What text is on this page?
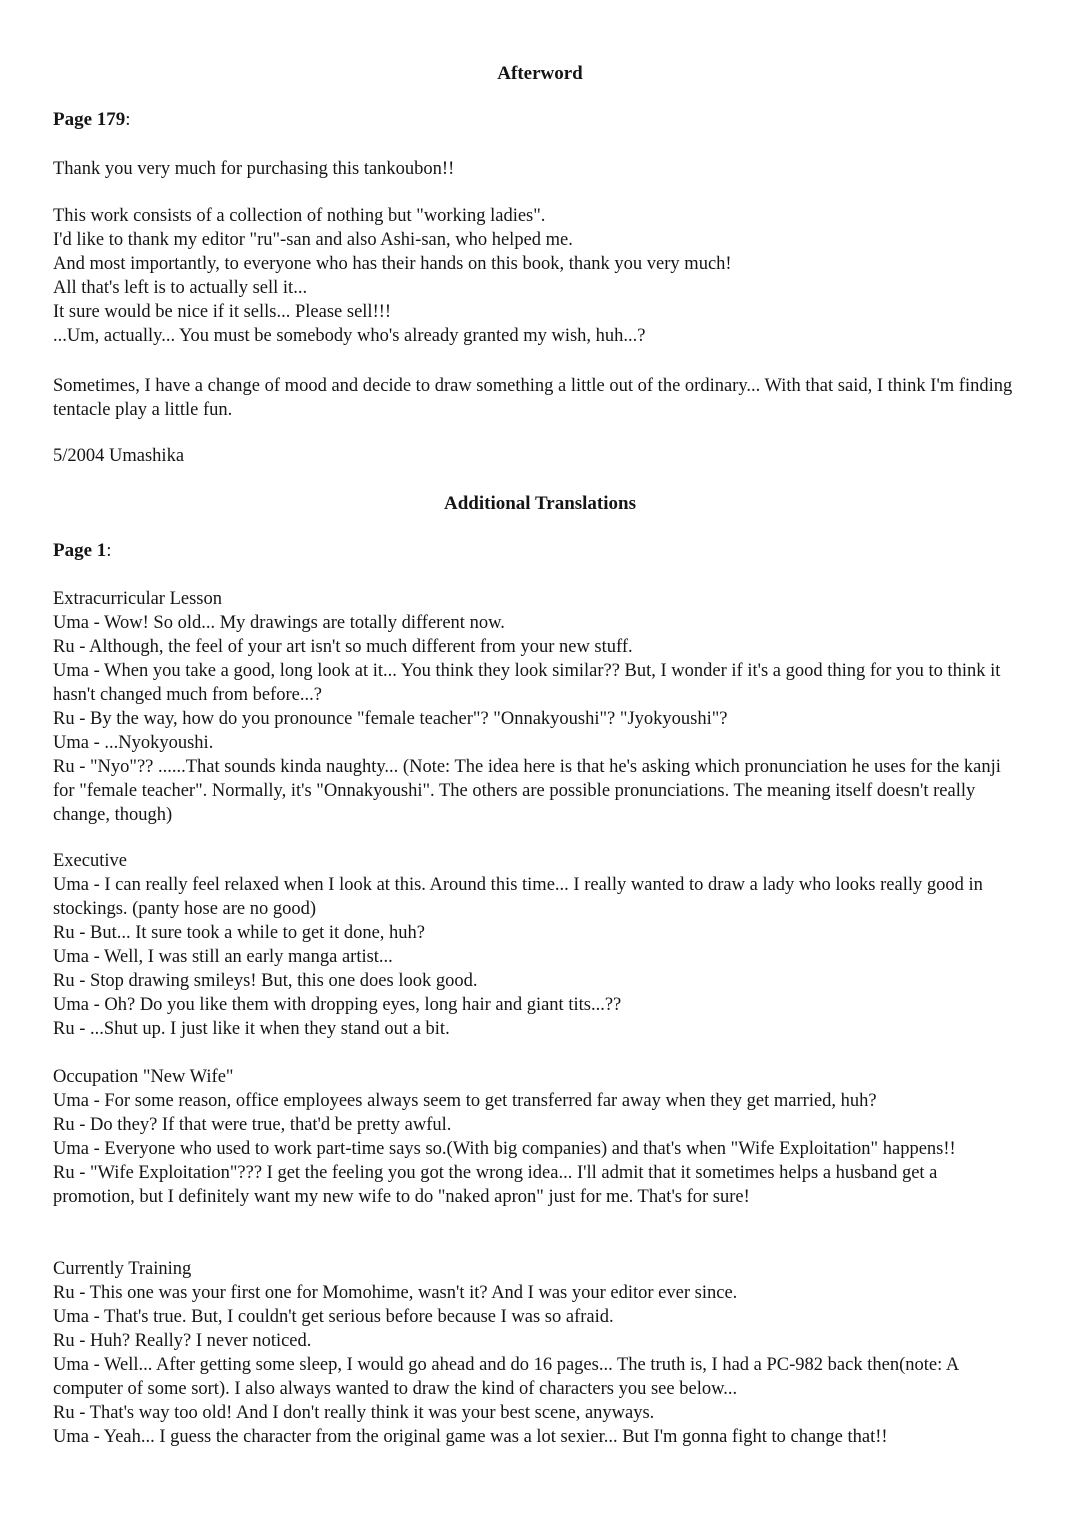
Afterword

Page 179:

Thank you very much for purchasing this tankoubon!!

This work consists of a collection of nothing but "working ladies".
I'd like to thank my editor "ru"-san and also Ashi-san, who helped me.
And most importantly, to everyone who has their hands on this book, thank you very much!
All that's left is to actually sell it...
It sure would be nice if it sells... Please sell!!!
...Um, actually... You must be somebody who's already granted my wish, huh...?

Sometimes, I have a change of mood and decide to draw something a little out of the ordinary... With that said, I think I'm finding tentacle play a little fun.

5/2004 Umashika

Additional Translations

Page 1:

Extracurricular Lesson
Uma - Wow! So old... My drawings are totally different now.
Ru - Although, the feel of your art isn't so much different from your new stuff.
Uma - When you take a good, long look at it... You think they look similar?? But, I wonder if it's a good thing for you to think it hasn't changed much from before...?
Ru - By the way, how do you pronounce "female teacher"? "Onnakyoushi"? "Jyokyoushi"?
Uma - ...Nyokyoushi.
Ru - "Nyo"?? ......That sounds kinda naughty... (Note: The idea here is that he's asking which pronunciation he uses for the kanji for "female teacher". Normally, it's "Onnakyoushi". The others are possible pronunciations. The meaning itself doesn't really change, though)
Executive
Uma - I can really feel relaxed when I look at this. Around this time... I really wanted to draw a lady who looks really good in stockings. (panty hose are no good)
Ru - But... It sure took a while to get it done, huh?
Uma - Well, I was still an early manga artist...
Ru - Stop drawing smileys! But, this one does look good.
Uma - Oh? Do you like them with dropping eyes, long hair and giant tits...??
Ru - ...Shut up. I just like it when they stand out a bit.
Occupation "New Wife"
Uma - For some reason, office employees always seem to get transferred far away when they get married, huh?
Ru - Do they? If that were true, that'd be pretty awful.
Uma - Everyone who used to work part-time says so.(With big companies) and that's when "Wife Exploitation" happens!!
Ru - "Wife Exploitation"??? I get the feeling you got the wrong idea... I'll admit that it sometimes helps a husband get a promotion, but I definitely want my new wife to do "naked apron" just for me. That's for sure!
Currently Training
Ru - This one was your first one for Momohime, wasn't it? And I was your editor ever since.
Uma - That's true. But, I couldn't get serious before because I was so afraid.
Ru - Huh? Really? I never noticed.
Uma - Well... After getting some sleep, I would go ahead and do 16 pages... The truth is, I had a PC-982 back then(note: A computer of some sort). I also always wanted to draw the kind of characters you see below...
Ru - That's way too old! And I don't really think it was your best scene, anyways.
Uma - Yeah... I guess the character from the original game was a lot sexier... But I'm gonna fight to change that!!
